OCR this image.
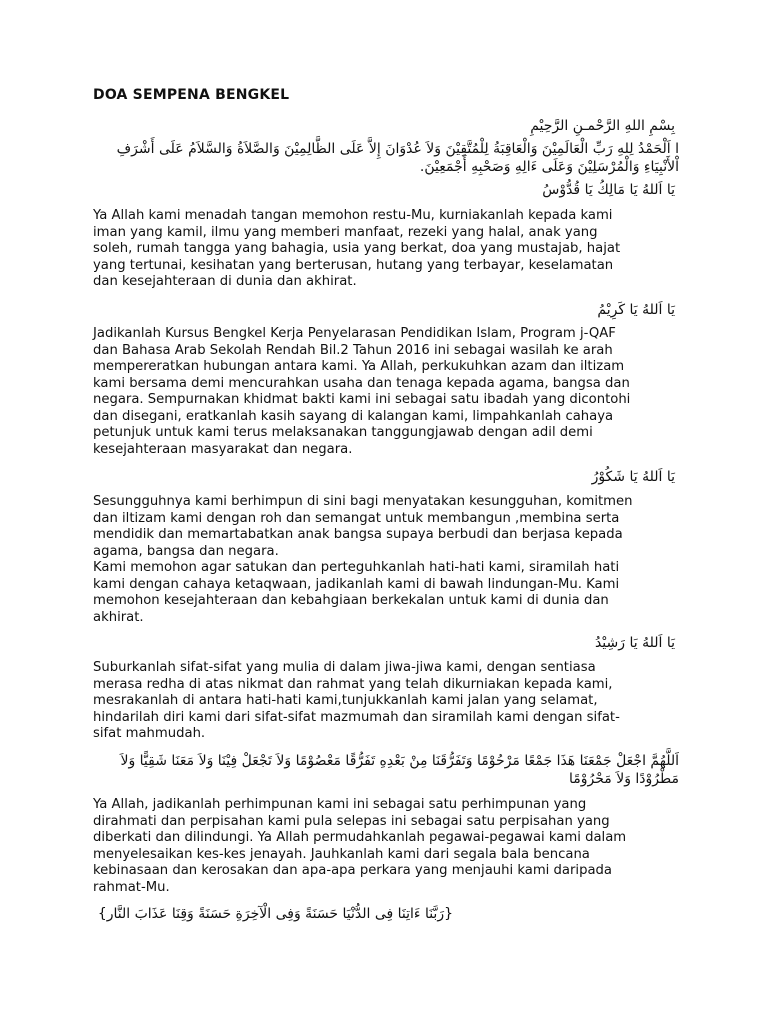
DOA SEMPENA BENGKEL
بِسْمِ اللهِ الرَّحْمـنِ الرَّحِيْمِ
ا اَلْحَمْدُ لِلهِ رَبِّ الْعَالَمِيْنَ وَالْعَاقِبَةُ لِلْمُتَّقِيْنَ وَلاَ عُدْوَانَ إِلاَّ عَلَى الظَّالِمِيْنَ وَالصَّلاَةُ وَالسَّلاَمُ عَلَى أَشْرَفِ
اْلأَنْبِيَاءِ وَالْمُرْسَلِيْنَ وَعَلَى ءَالِهِ وَصَحْبِهِ أَجْمَعِيْنَ.
يَا اَللهُ يَا مَالِكُ يَا قُدُّوْسُ
Ya Allah kami menadah tangan memohon restu-Mu, kurniakanlah kepada kami
iman yang kamil, ilmu yang memberi manfaat, rezeki yang halal, anak yang
soleh, rumah tangga yang bahagia, usia yang berkat, doa yang mustajab, hajat
yang tertunai, kesihatan yang berterusan, hutang yang terbayar, keselamatan
dan kesejahteraan di dunia dan akhirat.
يَا اَللهُ يَا كَرِيْمُ
Jadikanlah Kursus Bengkel Kerja Penyelarasan Pendidikan Islam, Program j-QAF
dan Bahasa Arab Sekolah Rendah Bil.2 Tahun 2016 ini sebagai wasilah ke arah
mempereratkan hubungan antara kami. Ya Allah, perkukuhkan azam dan iltizam
kami bersama demi mencurahkan usaha dan tenaga kepada agama, bangsa dan
negara. Sempurnakan khidmat bakti kami ini sebagai satu ibadah yang dicontohi
dan disegani, eratkanlah kasih sayang di kalangan kami, limpahkanlah cahaya
petunjuk untuk kami terus melaksanakan tanggungjawab dengan adil demi
kesejahteraan masyarakat dan negara.
يَا اَللهُ يَا شَكُوْرُ
Sesungguhnya kami berhimpun di sini bagi menyatakan kesungguhan, komitmen
dan iltizam kami dengan roh dan semangat untuk membangun ,membina serta
mendidik dan memartabatkan anak bangsa supaya berbudi dan berjasa kepada
agama, bangsa dan negara.
Kami memohon agar satukan dan perteguhkanlah hati-hati kami, siramilah hati
kami dengan cahaya ketaqwaan, jadikanlah kami di bawah lindungan-Mu. Kami
memohon kesejahteraan dan kebahgiaan berkekalan untuk kami di dunia dan
akhirat.
يَا اَللهُ يَا رَشِيْدُ
Suburkanlah sifat-sifat yang mulia di dalam jiwa-jiwa kami, dengan sentiasa
merasa redha di atas nikmat dan rahmat yang telah dikurniakan kepada kami,
mesrakanlah di antara hati-hati kami,tunjukkanlah kami jalan yang selamat,
hindarilah diri kami dari sifat-sifat mazmumah dan siramilah kami dengan sifat-
sifat mahmudah.
اَللَّهُمَّ اجْعَلْ جَمْعَنَا هَذَا جَمْعًا مَرْحُوْمًا وَتَفَرُّقَنَا مِنْ بَعْدِهِ تَفَرُّقًا مَعْصُوْمًا وَلاَ تَجْعَلْ فِيْنَا وَلاَ مَعَنَا شَقِيًّا وَلاَ
مَطْرُوْدًا وَلاَ مَحْرُوْمًا
Ya Allah, jadikanlah perhimpunan kami ini sebagai satu perhimpunan yang
dirahmati dan perpisahan kami pula selepas ini sebagai satu perpisahan yang
diberkati dan dilindungi. Ya Allah permudahkanlah pegawai-pegawai kami dalam
menyelesaikan kes-kes jenayah. Jauhkanlah kami dari segala bala bencana
kebinasaan dan kerosakan dan apa-apa perkara yang menjauhi kami daripada
rahmat-Mu.
{رَبَّنَا ءَاتِنَا فِى الدُّنْيَا حَسَنَةً وَفِى الْآخِرَةِ حَسَنَةً وَقِنَا عَذَابَ النَّار}
